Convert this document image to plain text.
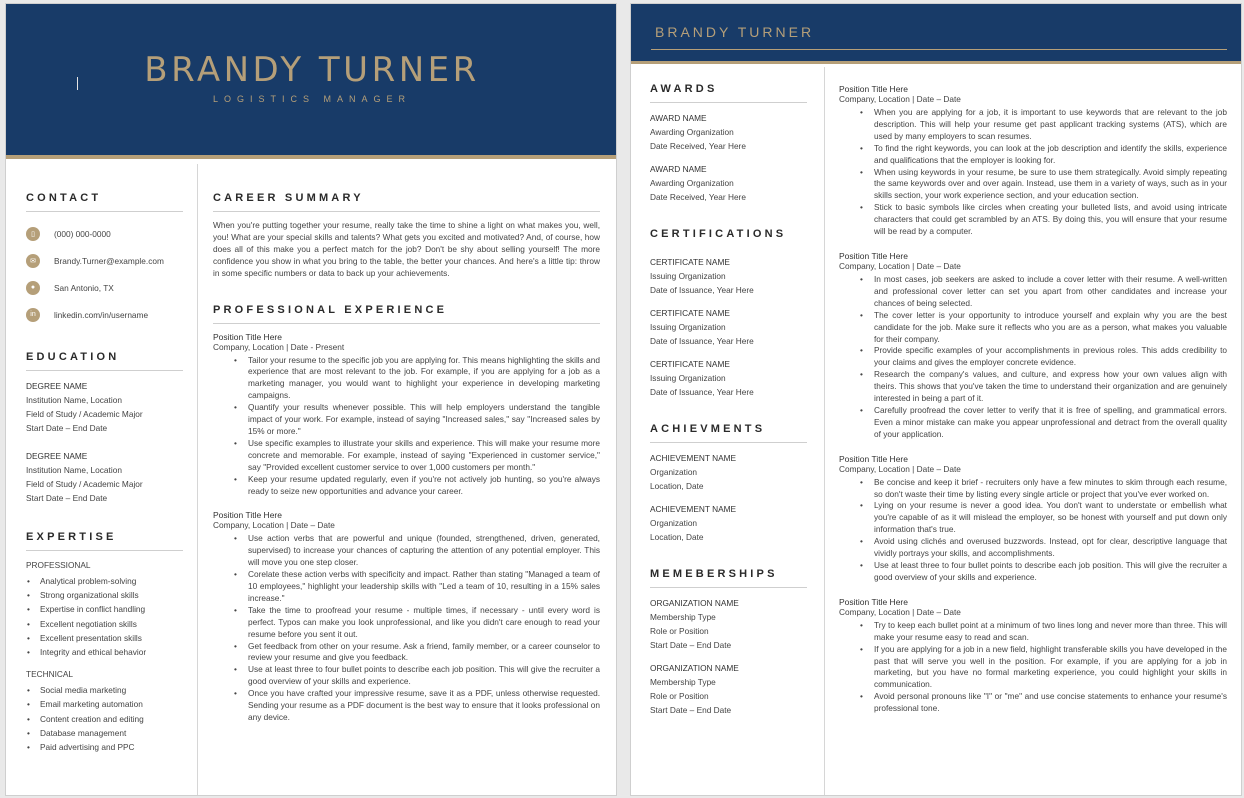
BRANDY TURNER
LOGISTICS MANAGER
CONTACT
▯	(000) 000-0000
✉	Brandy.Turner@example.com
●	San Antonio, TX
in	linkedin.com/in/username
EDUCATION
DEGREE NAME
Institution Name, Location
Field of Study / Academic Major
Start Date – End Date
DEGREE NAME
Institution Name, Location
Field of Study / Academic Major
Start Date – End Date
EXPERTISE
PROFESSIONAL
• Analytical problem-solving
• Strong organizational skills
• Expertise in conflict handling
• Excellent negotiation skills
• Excellent presentation skills
• Integrity and ethical behavior
TECHNICAL
• Social media marketing
• Email marketing automation
• Content creation and editing
• Database management
• Paid advertising and PPC
CAREER SUMMARY
When you're putting together your resume, really take the time to shine a light on what makes you, well, you! What are your special skills and talents? What gets you excited and motivated? And, of course, how does all of this make you a perfect match for the job? Don't be shy about selling yourself! The more confidence you show in what you bring to the table, the better your chances. And here's a little tip: throw in some specific numbers or data to back up your achievements.
PROFESSIONAL EXPERIENCE
Position Title Here
Company, Location | Date - Present
• Tailor your resume to the specific job you are applying for. This means highlighting the skills and experience that are most relevant to the job. For example, if you are applying for a job as a marketing manager, you would want to highlight your experience in developing marketing campaigns.
• Quantify your results whenever possible. This will help employers understand the tangible impact of your work. For example, instead of saying "Increased sales," say "Increased sales by 15% or more."
• Use specific examples to illustrate your skills and experience. This will make your resume more concrete and memorable. For example, instead of saying "Experienced in customer service," say "Provided excellent customer service to over 1,000 customers per month."
• Keep your resume updated regularly, even if you're not actively job hunting, so you're always ready to seize new opportunities and advance your career.
Position Title Here
Company, Location | Date – Date
• Use action verbs that are powerful and unique (founded, strengthened, driven, generated, supervised) to increase your chances of capturing the attention of any potential employer. This will move you one step closer.
• Corelate these action verbs with specificity and impact. Rather than stating "Managed a team of 10 employees," highlight your leadership skills with "Led a team of 10, resulting in a 15% sales increase."
• Take the time to proofread your resume - multiple times, if necessary - until every word is perfect. Typos can make you look unprofessional, and like you didn't care enough to read your resume before you sent it out.
• Get feedback from other on your resume. Ask a friend, family member, or a career counselor to review your resume and give you feedback.
• Use at least three to four bullet points to describe each job position. This will give the recruiter a good overview of your skills and experience.
• Once you have crafted your impressive resume, save it as a PDF, unless otherwise requested. Sending your resume as a PDF document is the best way to ensure that it looks professional on any device.
BRANDY TURNER
AWARDS
AWARD NAME
Awarding Organization
Date Received, Year Here
AWARD NAME
Awarding Organization
Date Received, Year Here
CERTIFICATIONS
CERTIFICATE NAME
Issuing Organization
Date of Issuance, Year Here
CERTIFICATE NAME
Issuing Organization
Date of Issuance, Year Here
CERTIFICATE NAME
Issuing Organization
Date of Issuance, Year Here
ACHIEVMENTS
ACHIEVEMENT NAME
Organization
Location, Date
ACHIEVEMENT NAME
Organization
Location, Date
MEMEBERSHIPS
ORGANIZATION NAME
Membership Type
Role or Position
Start Date – End Date
ORGANIZATION NAME
Membership Type
Role or Position
Start Date – End Date
Position Title Here
Company, Location | Date – Date
• When you are applying for a job, it is important to use keywords that are relevant to the job description. This will help your resume get past applicant tracking systems (ATS), which are used by many employers to scan resumes.
• To find the right keywords, you can look at the job description and identify the skills, experience and qualifications that the employer is looking for.
• When using keywords in your resume, be sure to use them strategically. Avoid simply repeating the same keywords over and over again. Instead, use them in a variety of ways, such as in your skills section, your work experience section, and your education section.
• Stick to basic symbols like circles when creating your bulleted lists, and avoid using intricate characters that could get scrambled by an ATS. By doing this, you will ensure that your resume will be read by a computer.
Position Title Here
Company, Location | Date – Date
• In most cases, job seekers are asked to include a cover letter with their resume. A well-written and professional cover letter can set you apart from other candidates and increase your chances of being selected.
• The cover letter is your opportunity to introduce yourself and explain why you are the best candidate for the job. Make sure it reflects who you are as a person, what makes you valuable for their company.
• Provide specific examples of your accomplishments in previous roles. This adds credibility to your claims and gives the employer concrete evidence.
• Research the company's values, and culture, and express how your own values align with theirs. This shows that you've taken the time to understand their organization and are genuinely interested in being a part of it.
• Carefully proofread the cover letter to verify that it is free of spelling, and grammatical errors. Even a minor mistake can make you appear unprofessional and detract from the overall quality of your application.
Position Title Here
Company, Location | Date – Date
• Be concise and keep it brief - recruiters only have a few minutes to skim through each resume, so don't waste their time by listing every single article or project that you've ever worked on.
• Lying on your resume is never a good idea. You don't want to understate or embellish what you're capable of as it will mislead the employer, so be honest with yourself and put down only information that's true.
• Avoid using clichés and overused buzzwords. Instead, opt for clear, descriptive language that vividly portrays your skills, and accomplishments.
• Use at least three to four bullet points to describe each job position. This will give the recruiter a good overview of your skills and experience.
Position Title Here
Company, Location | Date – Date
• Try to keep each bullet point at a minimum of two lines long and never more than three. This will make your resume easy to read and scan.
• If you are applying for a job in a new field, highlight transferable skills you have developed in the past that will serve you well in the position. For example, if you are applying for a job in marketing, but you have no formal marketing experience, you could highlight your skills in communication.
• Avoid personal pronouns like "I" or "me" and use concise statements to enhance your resume's professional tone.
